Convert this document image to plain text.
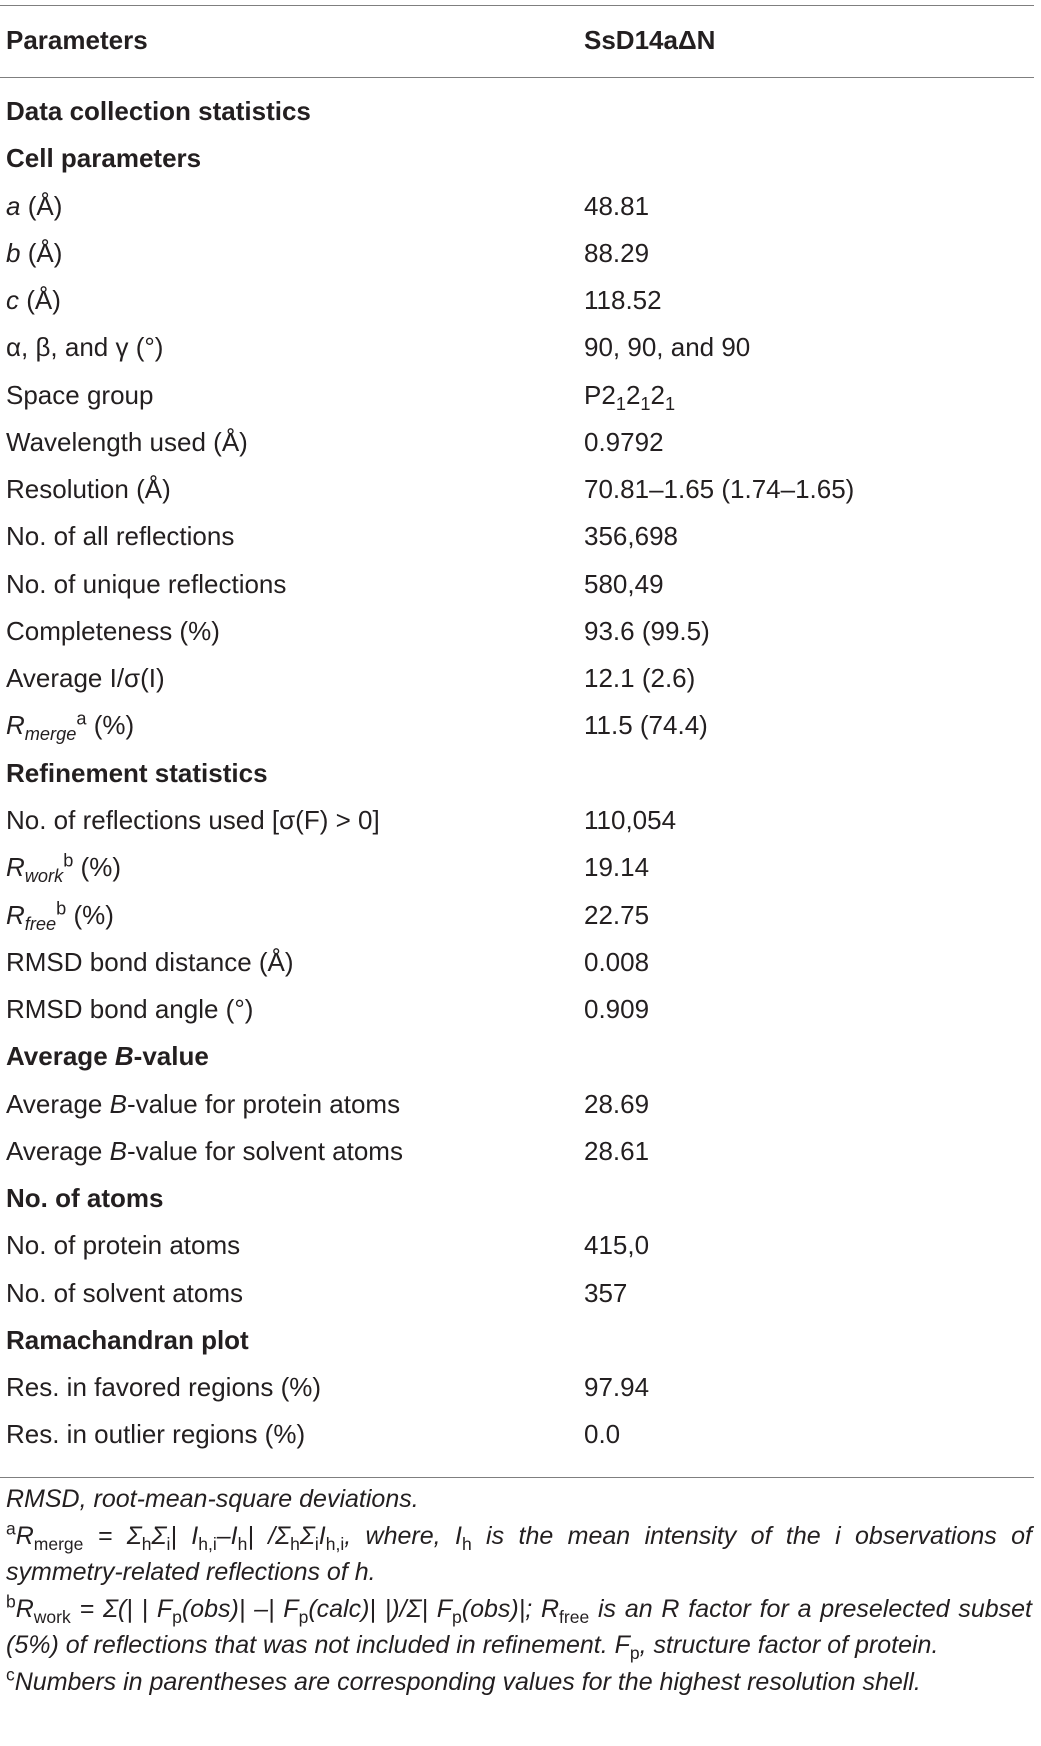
Parameters	SsD14aΔN
Data collection statistics
Cell parameters
a (Å)	48.81
b (Å)	88.29
c (Å)	118.52
α, β, and γ (°)	90, 90, and 90
Space group	$P2_12_12_1$
Wavelength used (Å)	0.9792
Resolution (Å)	70.81–1.65 (1.74–1.65)
No. of all reflections	356,698
No. of unique reflections	580,49
Completeness (%)	93.6 (99.5)
Average I/σ(I)	12.1 (2.6)
$R_{merge}^a$ (%)	11.5 (74.4)
Refinement statistics
No. of reflections used [σ(F) > 0]	110,054
$R_{work}^b$ (%)	19.14
$R_{free}^b$ (%)	22.75
RMSD bond distance (Å)	0.008
RMSD bond angle (°)	0.909
Average B-value
Average B-value for protein atoms	28.69
Average B-value for solvent atoms	28.61
No. of atoms
No. of protein atoms	415,0
No. of solvent atoms	357
Ramachandran plot
Res. in favored regions (%)	97.94
Res. in outlier regions (%)	0.0

RMSD, root-mean-square deviations.

$^aR_{merge} = \Sigma_h\Sigma_i|$ $I_{h,i}-I_h|$ $/\Sigma_h\Sigma_iI_{h,i}$, where, $I_h$ is the mean intensity of the i observations of symmetry-related reflections of h.

$^bR_{work} = \Sigma(|$ | $F_p(obs)|$ –| $F_p(calc)|$ |)/Σ| $F_p(obs)|$; $R_{free}$ is an R factor for a preselected subset (5%) of reflections that was not included in refinement. $F_p$, structure factor of protein.

$^c$Numbers in parentheses are corresponding values for the highest resolution shell.
